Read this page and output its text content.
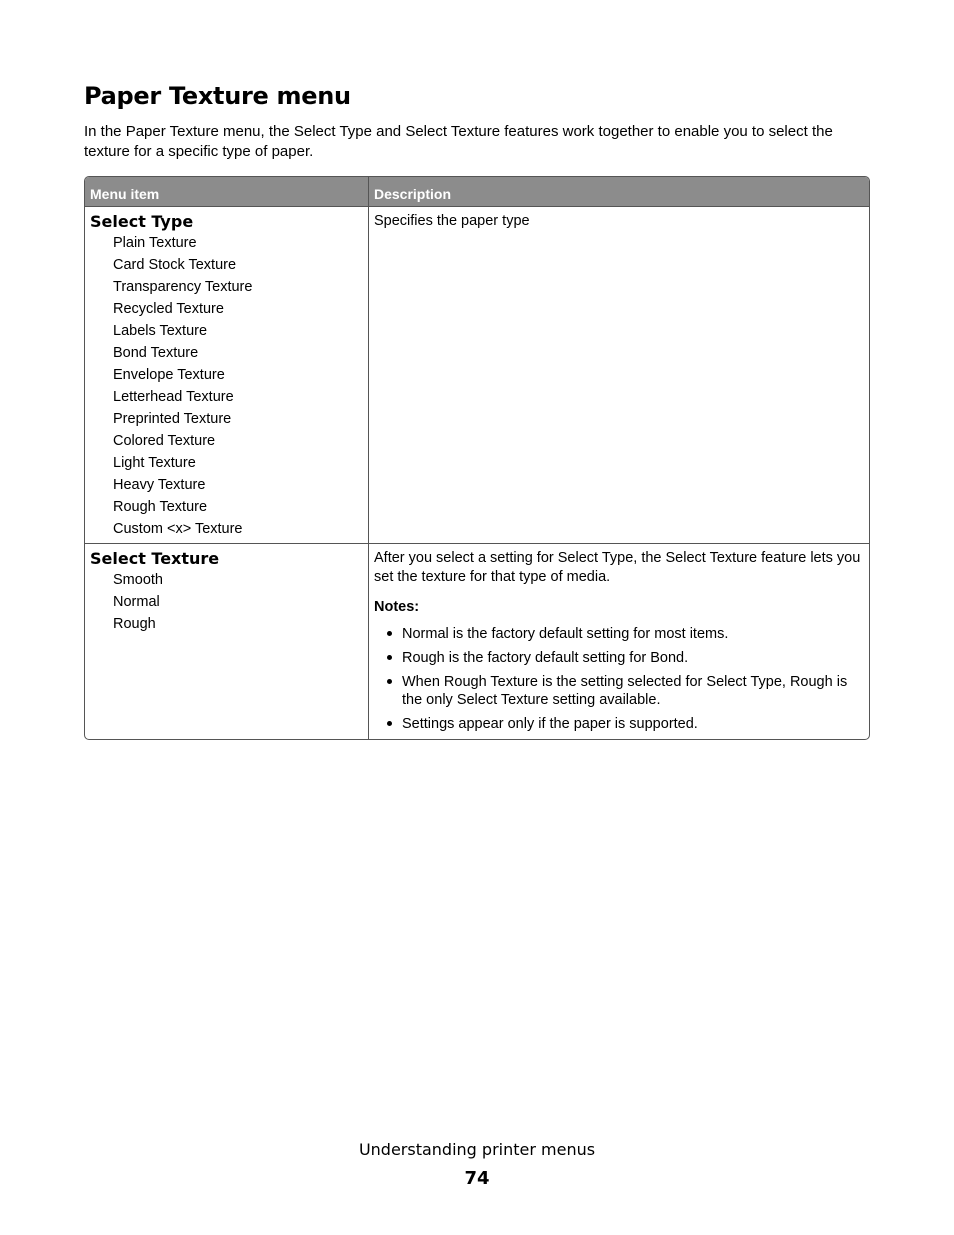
Paper Texture menu

In the Paper Texture menu, the Select Type and Select Texture features work together to enable you to select the texture for a specific type of paper.

Menu item	Description
Select Type
Plain Texture
Card Stock Texture
Transparency Texture
Recycled Texture
Labels Texture
Bond Texture
Envelope Texture
Letterhead Texture
Preprinted Texture
Colored Texture
Light Texture
Heavy Texture
Rough Texture
Custom <x> Texture

Specifies the paper type

Select Texture
Smooth
Normal
Rough

After you select a setting for Select Type, the Select Texture feature lets you set the texture for that type of media.

Notes:
Normal is the factory default setting for most items.
Rough is the factory default setting for Bond.
When Rough Texture is the setting selected for Select Type, Rough is the only Select Texture setting available.
Settings appear only if the paper is supported.
Understanding printer menus
74
